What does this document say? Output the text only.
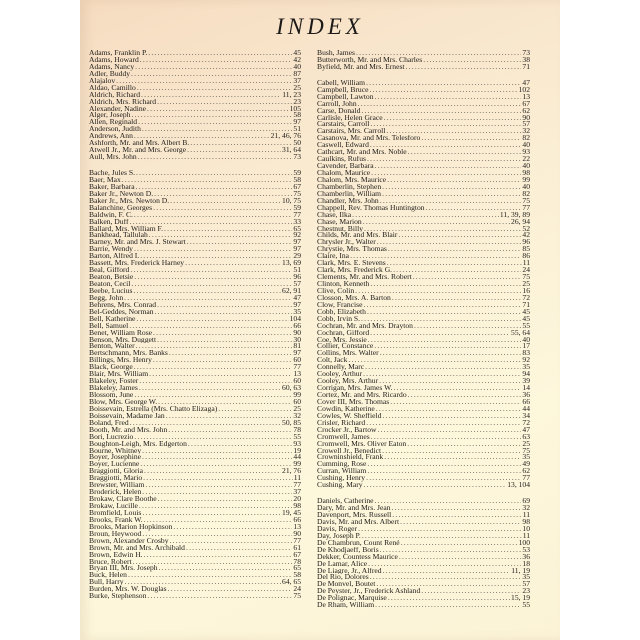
INDEX
Adams, Franklin P. .....	45
Adams, Howard .....	42
Adams, Nancy .....	40
Adler, Buddy .....	87
Alajalov .....	37
Aldao, Camillo .....	25
Aldrich, Richard .....	11, 23
Aldrich, Mrs. Richard .....	23
Alexander, Nadine .....	105
Alger, Joseph .....	58
Allen, Reginald .....	97
Anderson, Judith .....	51
Andrews, Ann .....	21, 46, 76
Ashforth, Mr. and Mrs. Albert B. .....	50
Atwell Jr., Mr. and Mrs. George .....	31, 64
Aull, Mrs. John .....	73
Bache, Jules S. .....	59
Baer, Max .....	58
Baker, Barbara .....	67
Baker Jr., Newton D. .....	75
Baker Jr., Mrs. Newton D. .....	10, 75
Balanchine, Georges .....	59
Baldwin, F. C. .....	77
Balken, Duff .....	33
Ballard, Mrs. William F. .....	65
Bankhead, Tallulah .....	92
Barney, Mr. and Mrs. J. Stewart .....	97
Barrie, Wendy .....	97
Barton, Alfred I. .....	29
Bassett, Mrs. Frederick Harney .....	13, 69
Beal, Gifford .....	51
Beaton, Betsie .....	96
Beaton, Cecil .....	57
Beebe, Lucius .....	62, 91
Begg, John .....	47
Behrens, Mrs. Conrad .....	97
Bel-Geddes, Norman .....	35
Bell, Katherine .....	104
Bell, Samuel .....	66
Benet, William Rose .....	90
Benson, Mrs. Duggett .....	30
Benton, Walter .....	81
Bertschmann, Mrs. Banks .....	97
Billings, Mrs. Henry .....	60
Black, George .....	77
Blair, Mrs. William .....	13
Blakeley, Foster .....	60
Blakeley, James .....	60, 63
Blossom, June .....	99
Blow, Mrs. George W. .....	60
Boissevain, Estrella (Mrs. Chatto Elizaga) .....	25
Boissevain, Madame Jan .....	32
Boland, Fred .....	50, 85
Booth, Mr. and Mrs. John .....	78
Bori, Lucrezio .....	55
Boughton-Leigh, Mrs. Edgerton .....	93
Bourne, Whitney .....	19
Boyer, Josephine .....	44
Boyer, Lucienne .....	99
Braggiotti, Gloria .....	21, 76
Braggiotti, Mario .....	11
Brewster, William .....	77
Broderick, Helen .....	37
Brokaw, Clare Boothe .....	20
Brokaw, Lucille .....	98
Bromfield, Louis .....	19, 45
Brooks, Frank W. .....	66
Brooks, Marion Hopkinson .....	13
Broun, Heywood .....	90
Brown, Alexander Crosby .....	77
Brown, Mr. and Mrs. Archibald .....	61
Brown, Edwin H. .....	67
Bruce, Robert .....	78
Bryan III, Mrs. Joseph .....	65
Buck, Helen .....	58
Bull, Harry .....	64, 65
Burden, Mrs. W. Douglas .....	24
Burke, Stephenson .....	75
Bush, James .....	73
Butterworth, Mr. and Mrs. Charles .....	38
Byfield, Mr. and Mrs. Ernest .....	71
Cabell, William .....	47
Campbell, Bruce .....	102
Campbell, Lawton .....	13
Carroll, John .....	67
Carse, Donald .....	62
Carlisle, Helen Grace .....	90
Carstairs, Carroll .....	57
Carstairs, Mrs. Carroll .....	32
Casanova, Mr. and Mrs. Telesforo .....	82
Caswell, Edward .....	40
Cathcart, Mr. and Mrs. Noble .....	93
Caulkins, Rufus .....	22
Cavender, Barbara .....	40
Chalom, Maurice .....	98
Chalom, Mrs. Maurice .....	99
Chamberlin, Stephen .....	40
Chamberlin, William .....	82
Chandler, Mrs. John .....	75
Chappell, Rev. Thomas Huntington .....	77
Chase, Ilka .....	11, 39, 89
Chase, Marion .....	26, 94
Chestnut, Billy .....	52
Childs, Mr. and Mrs. Blair .....	42
Chrysler Jr., Walter .....	96
Chrystie, Mrs. Thomas .....	85
Claire, Ina .....	86
Clark, Mrs. E. Stevens .....	11
Clark, Mrs. Frederick G. .....	24
Clements, Mr. and Mrs. Robert .....	75
Clinton, Kenneth .....	25
Clive, Colin .....	16
Closson, Mrs. A. Barton .....	72
Clow, Francise .....	71
Cobb, Elizabeth .....	45
Cobb, Irvin S. .....	45
Cochran, Mr. and Mrs. Drayton .....	55
Cochran, Gifford .....	55, 64
Coe, Mrs. Jessie .....	40
Collier, Constance .....	17
Collins, Mrs. Walter .....	83
Colt, Jack .....	92
Connelly, Marc .....	35
Cooley, Arthur .....	94
Cooley, Mrs. Arthur .....	39
Corrigan, Mrs. James W. .....	14
Cortez, Mr. and Mrs. Ricardo .....	36
Cover III, Mrs. Thomas .....	66
Cowdin, Katherine .....	44
Cowles, W. Sheffield .....	34
Crisler, Richard .....	72
Crocker Jr., Bartow .....	47
Cromwell, James .....	63
Cromwell, Mrs. Oliver Eaton .....	25
Crowell Jr., Benedict .....	75
Crowninshield, Frank .....	35
Cumming, Rose .....	49
Curran, William .....	62
Cushing, Henry .....	77
Cushing, Mary .....	13, 104
Daniels, Catherine .....	69
Dary, Mr. and Mrs. Jean .....	32
Davenport, Mrs. Russell .....	11
Davis, Mr. and Mrs. Albert .....	98
Davis, Roger .....	10
Day, Joseph P. .....	11
De Chambrun, Count René .....	100
De Khodjaeff, Boris .....	53
Dekker, Countess Maurice .....	36
De Lamar, Alice .....	18
De Liagre, Jr., Alfred .....	11, 19
Del Rio, Dolores .....	35
De Monvel, Boutet .....	57
De Peyster, Jr., Frederick Ashland .....	23
De Polignac, Marquise .....	15, 19
De Rham, William .....	55
